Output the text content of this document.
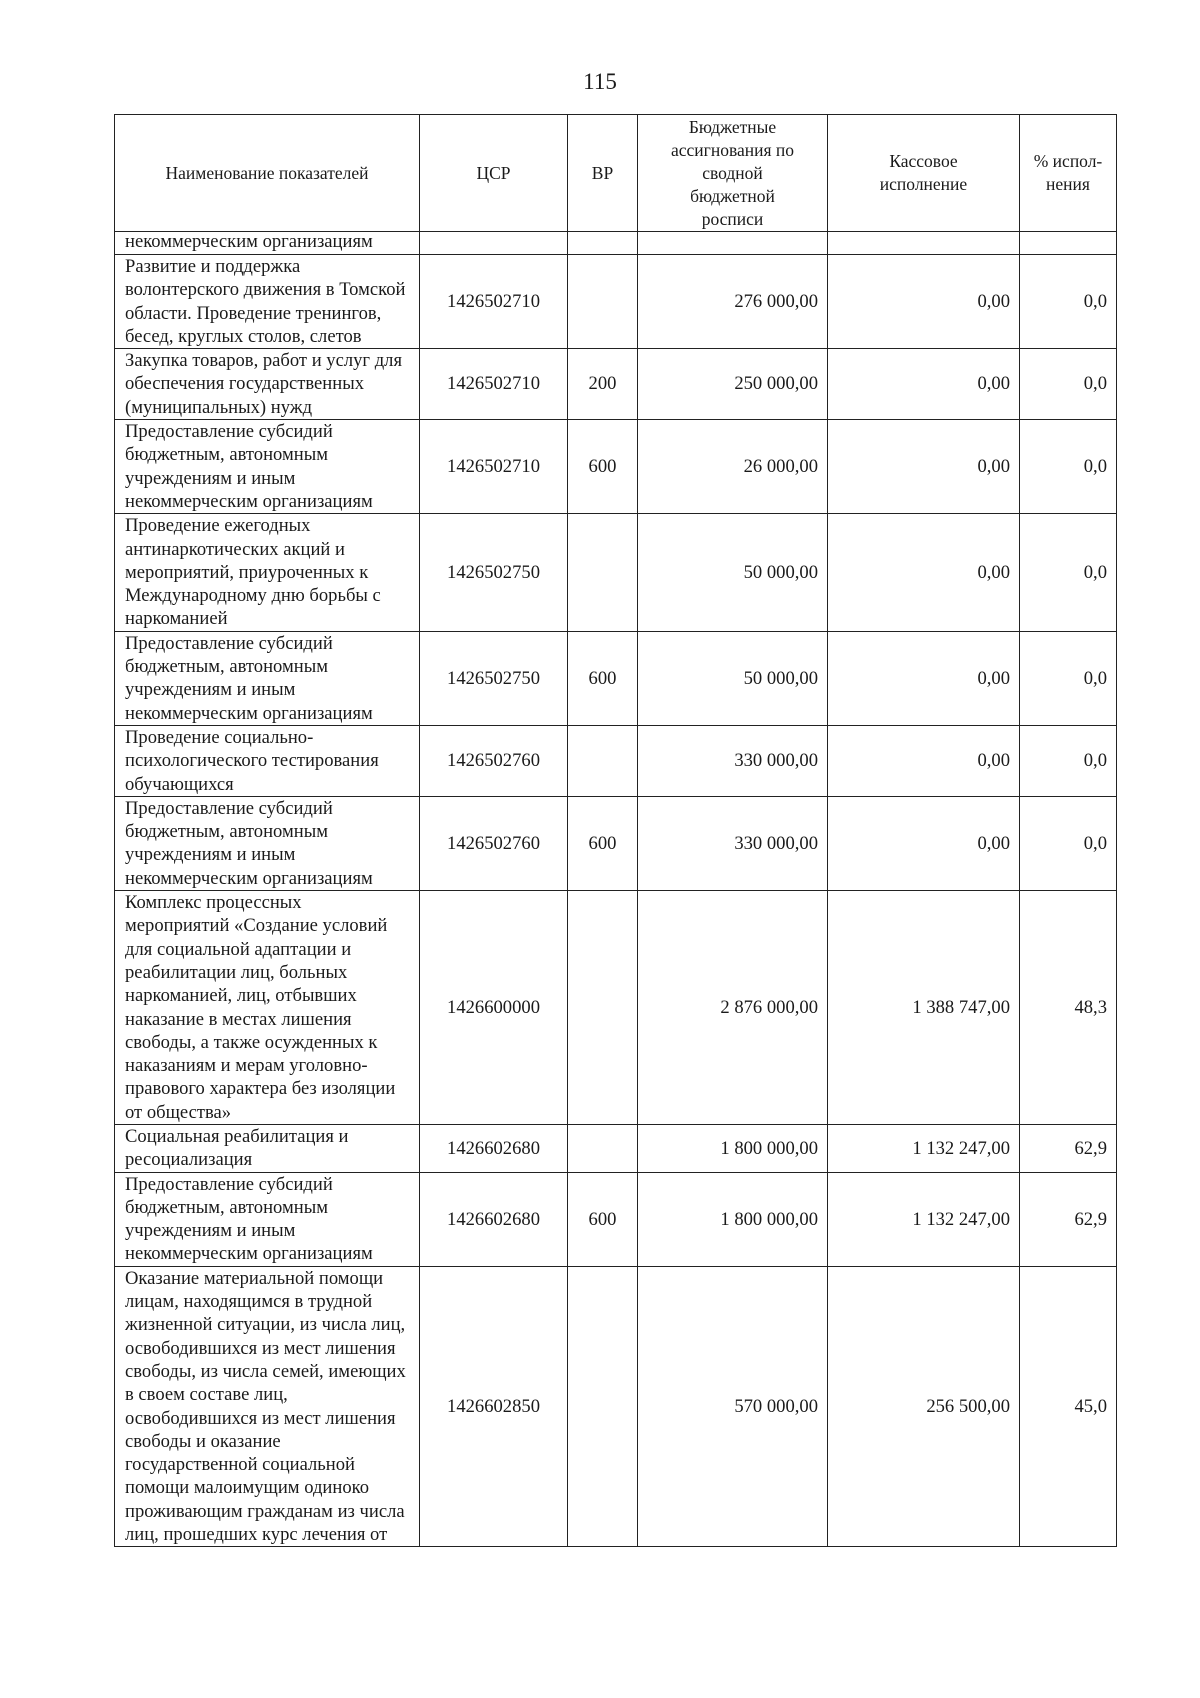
115
Наименование показателей	ЦСР	ВР	Бюджетные ассигнования по сводной бюджетной росписи	Кассовое исполнение	% испол-нения
некоммерческим организациям					
Развитие и поддержка волонтерского движения в Томской области. Проведение тренингов, бесед, круглых столов, слетов	1426502710		276 000,00	0,00	0,0
Закупка товаров, работ и услуг для обеспечения государственных (муниципальных) нужд	1426502710	200	250 000,00	0,00	0,0
Предоставление субсидий бюджетным, автономным учреждениям и иным некоммерческим организациям	1426502710	600	26 000,00	0,00	0,0
Проведение ежегодных антинаркотических акций и мероприятий, приуроченных к Международному дню борьбы с наркоманией	1426502750		50 000,00	0,00	0,0
Предоставление субсидий бюджетным, автономным учреждениям и иным некоммерческим организациям	1426502750	600	50 000,00	0,00	0,0
Проведение социально-психологического тестирования обучающихся	1426502760		330 000,00	0,00	0,0
Предоставление субсидий бюджетным, автономным учреждениям и иным некоммерческим организациям	1426502760	600	330 000,00	0,00	0,0
Комплекс процессных мероприятий «Создание условий для социальной адаптации и реабилитации лиц, больных наркоманией, лиц, отбывших наказание в местах лишения свободы, а также осужденных к наказаниям и мерам уголовно-правового характера без изоляции от общества»	1426600000		2 876 000,00	1 388 747,00	48,3
Социальная реабилитация и ресоциализация	1426602680		1 800 000,00	1 132 247,00	62,9
Предоставление субсидий бюджетным, автономным учреждениям и иным некоммерческим организациям	1426602680	600	1 800 000,00	1 132 247,00	62,9
Оказание материальной помощи лицам, находящимся в трудной жизненной ситуации, из числа лиц, освободившихся из мест лишения свободы, из числа семей, имеющих в своем составе лиц, освободившихся из мест лишения свободы и оказание государственной социальной помощи малоимущим одиноко проживающим гражданам из числа лиц, прошедших курс лечения от	1426602850		570 000,00	256 500,00	45,0
